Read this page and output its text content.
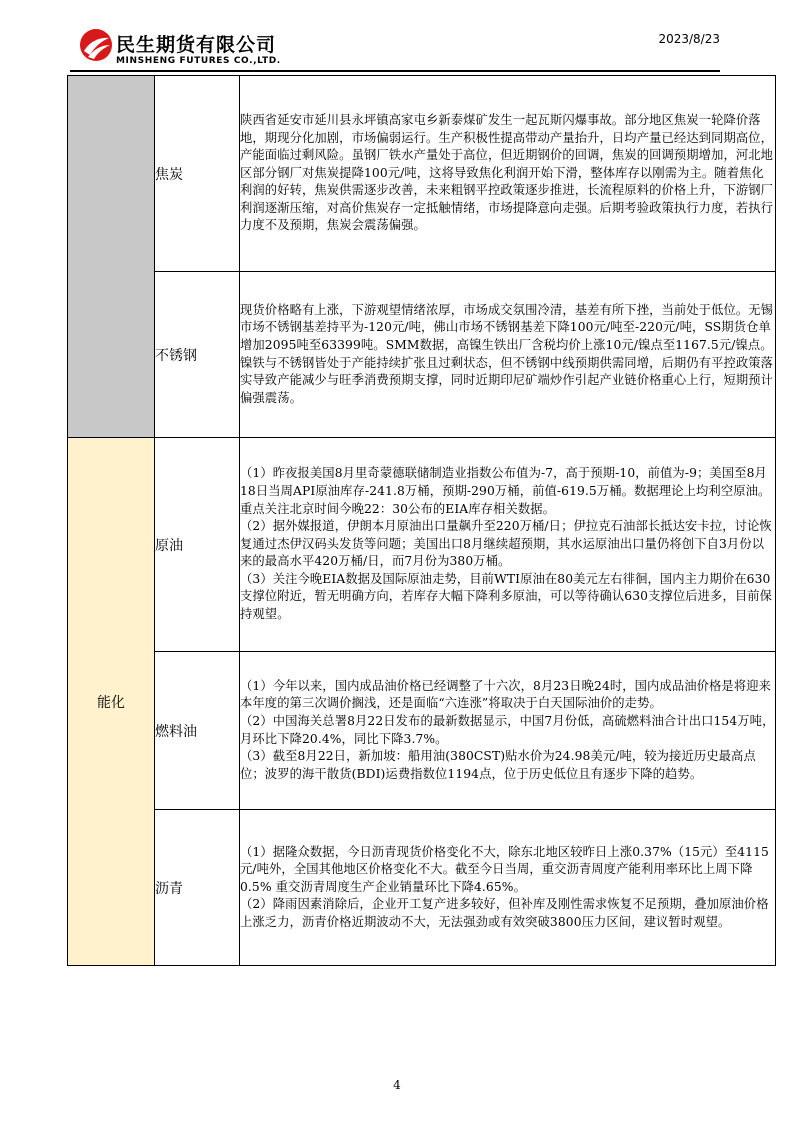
民生期货有限公司
MINSHENG FUTURES CO.,LTD.
2023/8/23
	焦炭	陕西省延安市延川县永坪镇高家屯乡新泰煤矿发生一起瓦斯闪爆事故。部分地区焦炭一轮降价落地，期现分化加剧，市场偏弱运行。生产积极性提高带动产量抬升，日均产量已经达到同期高位，产能面临过剩风险。虽钢厂铁水产量处于高位，但近期钢价的回调，焦炭的回调预期增加，河北地区部分钢厂对焦炭提降100元/吨，这将导致焦化利润开始下滑，整体库存以刚需为主。随着焦化利润的好转，焦炭供需逐步改善，未来粗钢平控政策逐步推进，长流程原料的价格上升，下游钢厂利润逐渐压缩，对高价焦炭存一定抵触情绪，市场提降意向走强。后期考验政策执行力度，若执行力度不及预期，焦炭会震荡偏强。

	不锈钢	现货价格略有上涨，下游观望情绪浓厚，市场成交氛围冷清，基差有所下挫，当前处于低位。无锡市场不锈钢基差持平为-120元/吨，佛山市场不锈钢基差下降100元/吨至-220元/吨，SS期货仓单增加2095吨至63399吨。SMM数据，高镍生铁出厂含税均价上涨10元/镍点至1167.5元/镍点。镍铁与不锈钢皆处于产能持续扩张且过剩状态，但不锈钢中线预期供需同增，后期仍有平控政策落实导致产能减少与旺季消费预期支撑，同时近期印尼矿端炒作引起产业链价格重心上行，短期预计偏强震荡。

能化	原油	（1）昨夜报美国8月里奇蒙德联储制造业指数公布值为-7，高于预期-10，前值为-9；美国至8月18日当周API原油库存-241.8万桶，预期-290万桶，前值-619.5万桶。数据理论上均利空原油。重点关注北京时间今晚22：30公布的EIA库存相关数据。

（2）据外媒报道，伊朗本月原油出口量飙升至220万桶/日；伊拉克石油部长抵达安卡拉，讨论恢复通过杰伊汉码头发货等问题；美国出口8月继续超预期，其水运原油出口量仍将创下自3月份以来的最高水平420万桶/日，而7月份为380万桶。

（3）关注今晚EIA数据及国际原油走势，目前WTI原油在80美元左右徘徊，国内主力期价在630支撑位附近，暂无明确方向，若库存大幅下降利多原油，可以等待确认630支撑位后进多，目前保持观望。

	燃料油	（1）今年以来，国内成品油价格已经调整了十六次，8月23日晚24时，国内成品油价格是将迎来本年度的第三次调价搁浅，还是面临“六连涨”将取决于白天国际油价的走势。

（2）中国海关总署8月22日发布的最新数据显示，中国7月份低，高硫燃料油合计出口154万吨，月环比下降20.4%，同比下降3.7%。

（3）截至8月22日，新加坡：船用油(380CST)贴水价为24.98美元/吨，较为接近历史最高点位；波罗的海干散货(BDI)运费指数位1194点，位于历史低位且有逐步下降的趋势。

	沥青	（1）据隆众数据，今日沥青现货价格变化不大，除东北地区较昨日上涨0.37%（15元）至4115元/吨外，全国其他地区价格变化不大。截至今日当周，重交沥青周度产能利用率环比上周下降0.5% 重交沥青周度生产企业销量环比下降4.65%。

（2）降雨因素消除后，企业开工复产进多较好，但补库及刚性需求恢复不足预期，叠加原油价格上涨乏力，沥青价格近期波动不大，无法强劲或有效突破3800压力区间，建议暂时观望。

4
